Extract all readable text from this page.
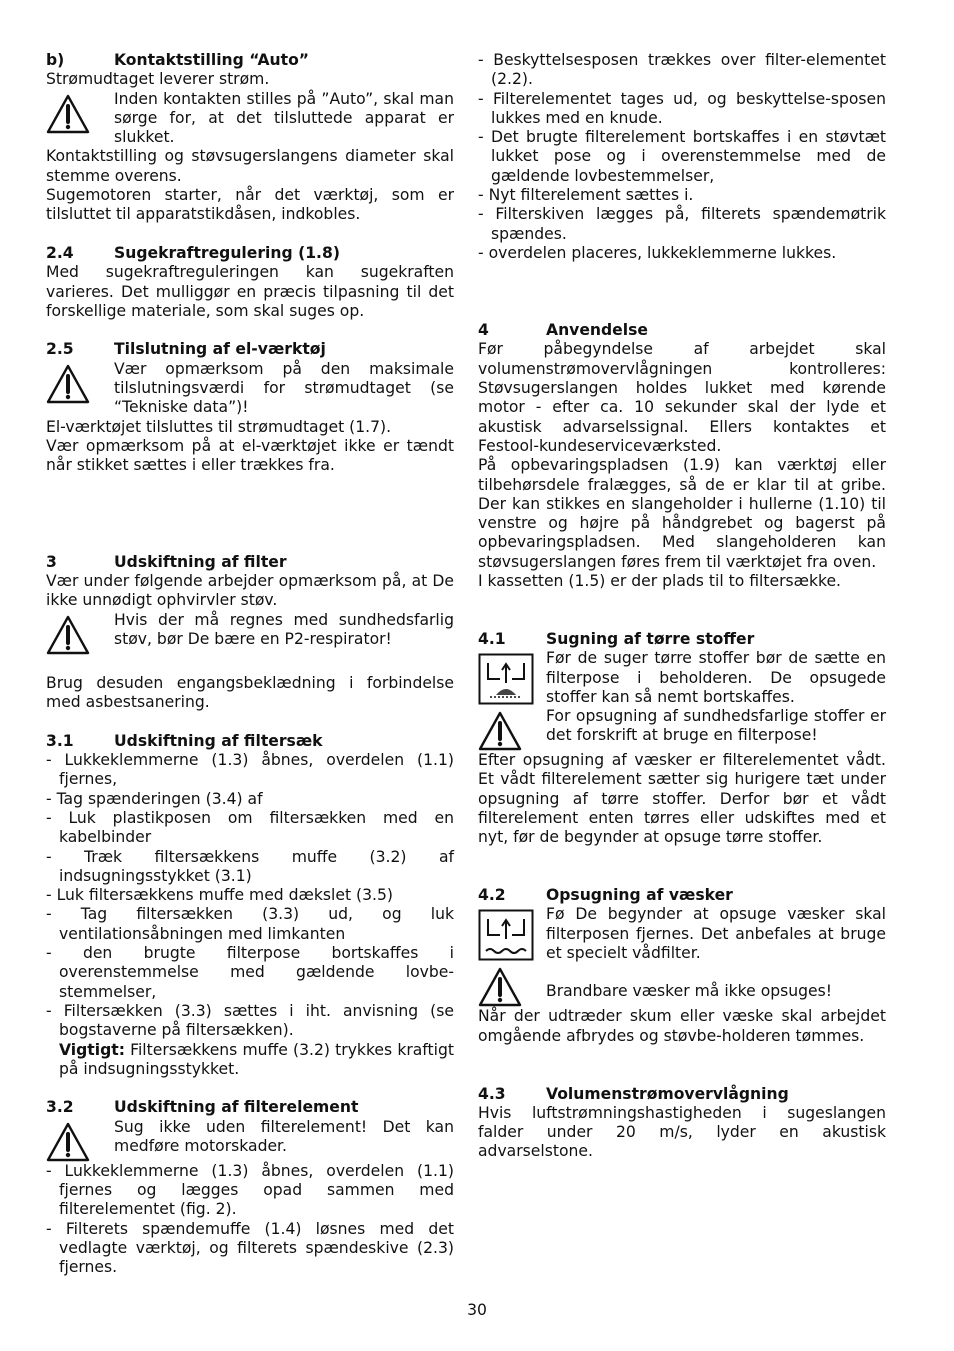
b)	Kontaktstilling “Auto”

Strømudtaget leverer strøm.

Inden kontakten stilles på ”Auto”, skal man sørge for, at det tilsluttede apparat er slukket.

Kontaktstilling og støvsugerslangens diameter skal stemme overens.

Sugemotoren starter, når det værktøj, som er tilsluttet til apparatstikdåsen, indkobles.

2.4	Sugekraftregulering (1.8)

Med sugekraftreguleringen kan sugekraften varieres. Det mulliggør en præcis tilpasning til det forskellige materiale, som skal suges op.

2.5	Tilslutning af el-værktøj

Vær opmærksom på den maksimale tilslutningsværdi for strømudtaget (se “Tekniske data”)!

El-værktøjet tilsluttes til strømudtaget (1.7).

Vær opmærksom på at el-værktøjet ikke er tændt når stikket sættes i eller trækkes fra.

3	Udskiftning af filter

Vær under følgende arbejder opmærksom på, at De ikke unnødigt ophvirvler støv.

Hvis der må regnes med sundhedsfarlig støv, bør De bære en P2-respirator!

Brug desuden engangsbeklædning i forbindelse med asbestsanering.

3.1	Udskiftning af filtersæk

- Lukkeklemmerne (1.3) åbnes, overdelen (1.1) fjernes,

- Tag spænderingen (3.4) af

- Luk plastikposen om filtersækken med en kabelbinder

- Træk filtersækkens muffe (3.2) af indsugningsstykket (3.1)

- Luk filtersækkens muffe med dækslet (3.5)

- Tag filtersækken (3.3) ud, og luk ventilationsåbningen med limkanten

- den brugte filterpose bortskaffes i overenstemmelse med gældende lovbe-stemmelser,

- Filtersækken (3.3) sættes i iht. anvisning (se bogstaverne på filtersækken).

Vigtigt: Filtersækkens muffe (3.2) trykkes kraftigt på indsugningsstykket.

3.2	Udskiftning af filterelement

Sug ikke uden filterelement! Det kan medføre motorskader.

- Lukkeklemmerne (1.3) åbnes, overdelen (1.1) fjernes og lægges opad sammen med filterelementet (fig. 2).

- Filterets spændemuffe (1.4) løsnes med det vedlagte værktøj, og filterets spændeskive (2.3) fjernes.

- Beskyttelsesposen trækkes over filter-elementet (2.2).

- Filterelementet tages ud, og beskyttelse-sposen lukkes med en knude.

- Det brugte filterelement bortskaffes i en støvtæt lukket pose og i overenstemmelse med de gældende lovbestemmelser,

- Nyt filterelement sættes i.

- Filterskiven lægges på, filterets spændemøtrik spændes.

- overdelen placeres, lukkeklemmerne lukkes.

4	Anvendelse

Før påbegyndelse af arbejdet skal volumenstrømovervlågningen kontrolleres: Støvsugerslangen holdes lukket med kørende motor - efter ca. 10 sekunder skal der lyde et akustisk advarselssignal. Ellers kontaktes et Festool-kundeserviceværksted.

På opbevaringspladsen (1.9) kan værktøj eller tilbehørsdele fralægges, så de er klar til at gribe. Der kan stikkes en slangeholder i hullerne (1.10) til venstre og højre på håndgrebet og bagerst på opbevaringspladsen. Med slangeholderen kan støvsugerslangen føres frem til værktøjet fra oven.

I kassetten (1.5) er der plads til to filtersække.

4.1	Sugning af tørre stoffer

Før de suger tørre stoffer bør de sætte en filterpose i beholderen. De opsugede stoffer kan så nemt bortskaffes.

For opsugning af sundhedsfarlige stoffer er det forskrift at bruge en filterpose!

Efter opsugning af væsker er filterelementet vådt. Et vådt filterelement sætter sig hurigere tæt under opsugning af tørre stoffer. Derfor bør et vådt filterelement enten tørres eller udskiftes med et nyt, før de begynder at opsuge tørre stoffer.

4.2	Opsugning af væsker

Fø De begynder at opsuge væsker skal filterposen fjernes. Det anbefales at bruge et specielt vådfilter.

Brandbare væsker må ikke opsuges!

Når der udtræder skum eller væske skal arbejdet omgående afbrydes og støvbe-holderen tømmes.

4.3	Volumenstrømovervlågning

Hvis luftstrømningshastigheden i sugeslangen falder under 20 m/s, lyder en akustisk advarselstone.

30
